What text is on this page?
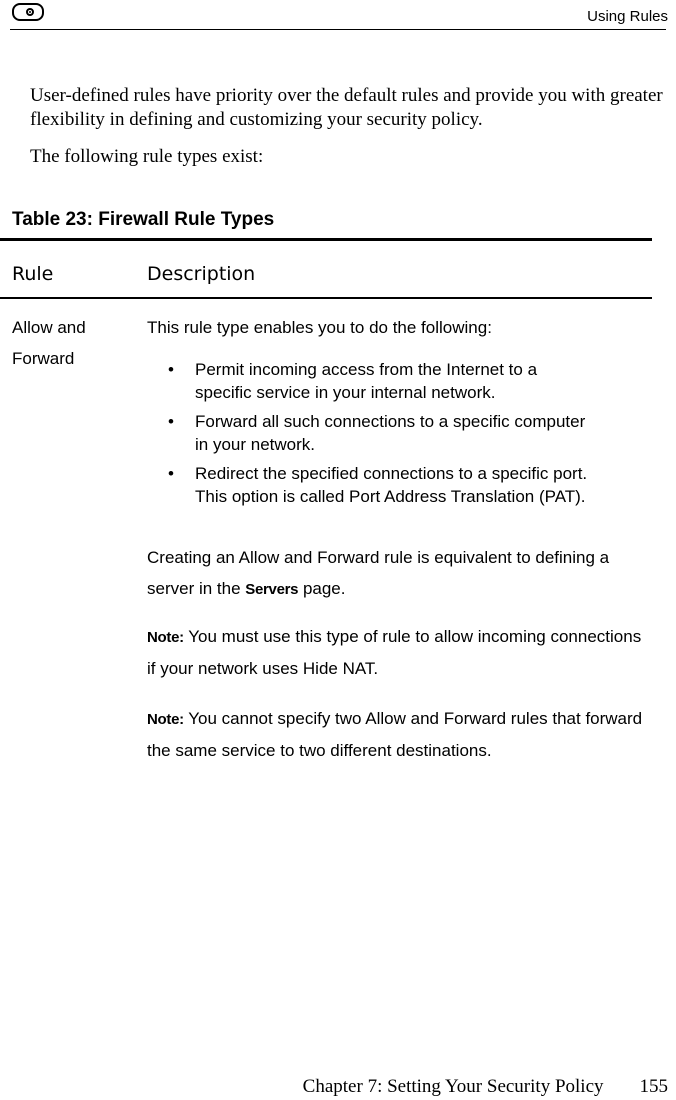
Using Rules
User-defined rules have priority over the default rules and provide you with greater flexibility in defining and customizing your security policy.
The following rule types exist:
Table 23: Firewall Rule Types
Rule	Description
Allow and
Forward
This rule type enables you to do the following:
• Permit incoming access from the Internet to a specific service in your internal network.
• Forward all such connections to a specific computer in your network.
• Redirect the specified connections to a specific port. This option is called Port Address Translation (PAT).
Creating an Allow and Forward rule is equivalent to defining a server in the Servers page.
Note: You must use this type of rule to allow incoming connections if your network uses Hide NAT.
Note: You cannot specify two Allow and Forward rules that forward the same service to two different destinations.
Chapter 7: Setting Your Security Policy 155
